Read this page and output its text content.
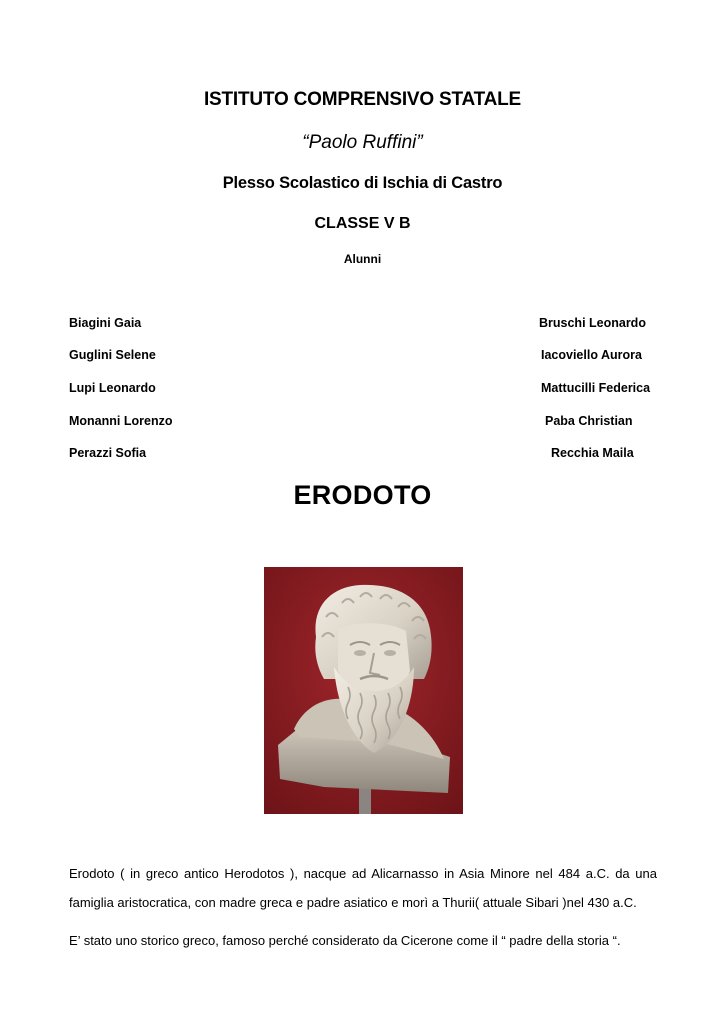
ISTITUTO COMPRENSIVO STATALE
“Paolo Ruffini”
Plesso Scolastico di Ischia di Castro
CLASSE V B
Alunni
Biagini Gaia
Guglini Selene
Lupi Leonardo
Monanni Lorenzo
Perazzi Sofia
Bruschi Leonardo
Iacoviello Aurora
Mattucilli Federica
Paba Christian
Recchia Maila
ERODOTO
Erodoto ( in greco antico Herodotos ), nacque ad Alicarnasso in Asia Minore nel 484 a.C. da una
famiglia aristocratica, con madre greca e padre asiatico e morì a Thurii( attuale Sibari )nel 430 a.C.
E’ stato uno storico greco, famoso perché considerato da Cicerone come il “ padre della storia “.
